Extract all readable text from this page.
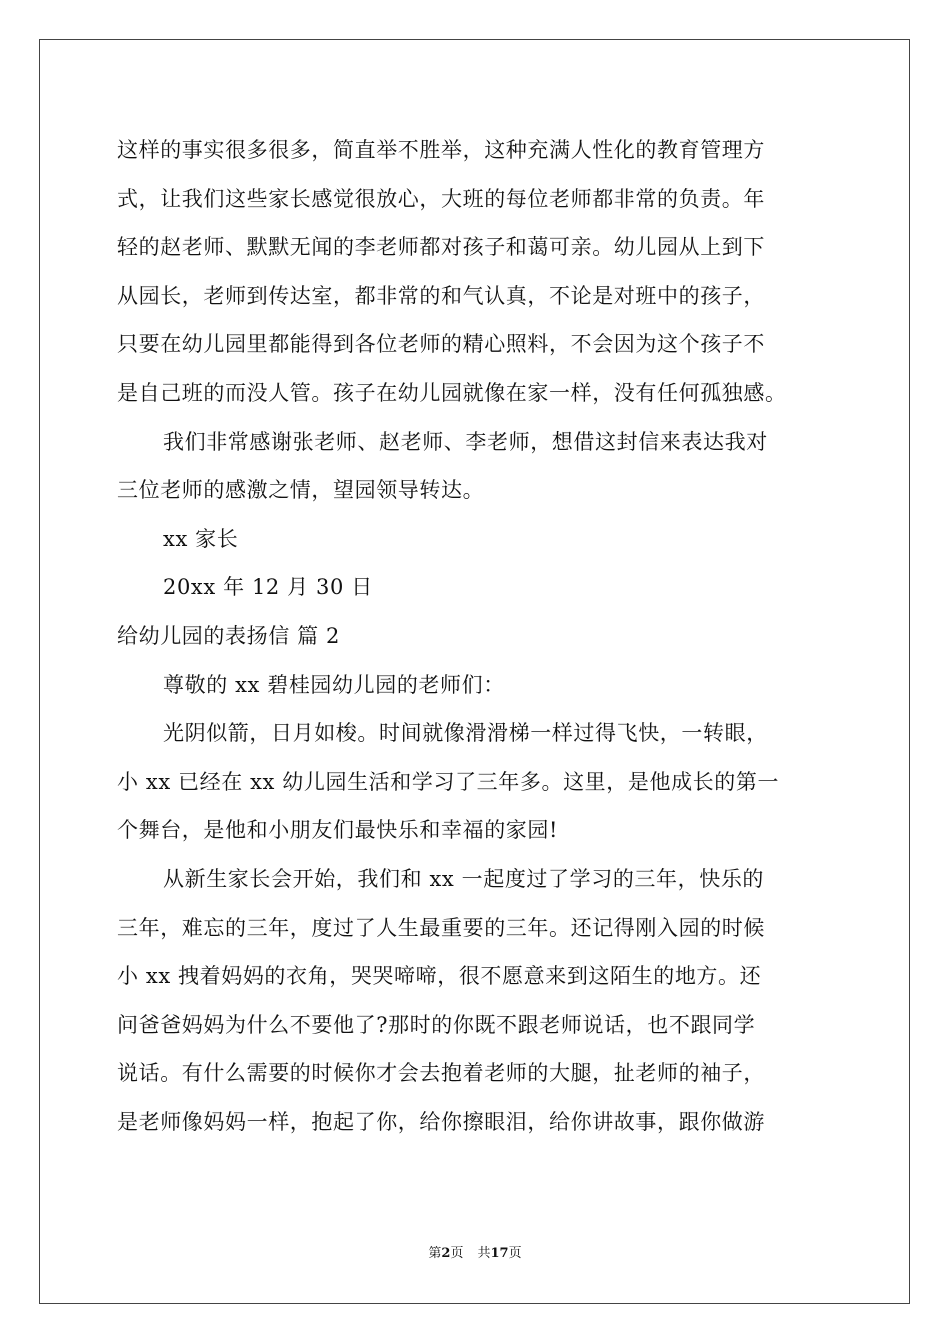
这样的事实很多很多，简直举不胜举，这种充满人性化的教育管理方
式，让我们这些家长感觉很放心，大班的每位老师都非常的负责。年
轻的赵老师、默默无闻的李老师都对孩子和蔼可亲。幼儿园从上到下
从园长，老师到传达室，都非常的和气认真，不论是对班中的孩子，
只要在幼儿园里都能得到各位老师的精心照料，不会因为这个孩子不
是自己班的而没人管。孩子在幼儿园就像在家一样，没有任何孤独感。
我们非常感谢张老师、赵老师、李老师，想借这封信来表达我对
三位老师的感激之情，望园领导转达。
xx 家长
20xx 年 12 月 30 日
给幼儿园的表扬信 篇 2
尊敬的 xx 碧桂园幼儿园的老师们：
光阴似箭，日月如梭。时间就像滑滑梯一样过得飞快，一转眼，
小 xx 已经在 xx 幼儿园生活和学习了三年多。这里，是他成长的第一
个舞台，是他和小朋友们最快乐和幸福的家园!
从新生家长会开始，我们和 xx 一起度过了学习的三年，快乐的
三年，难忘的三年，度过了人生最重要的三年。还记得刚入园的时候
小 xx 拽着妈妈的衣角，哭哭啼啼，很不愿意来到这陌生的地方。还
问爸爸妈妈为什么不要他了?那时的你既不跟老师说话，也不跟同学
说话。有什么需要的时候你才会去抱着老师的大腿，扯老师的袖子，
是老师像妈妈一样，抱起了你，给你擦眼泪，给你讲故事，跟你做游
第2页 共17页
